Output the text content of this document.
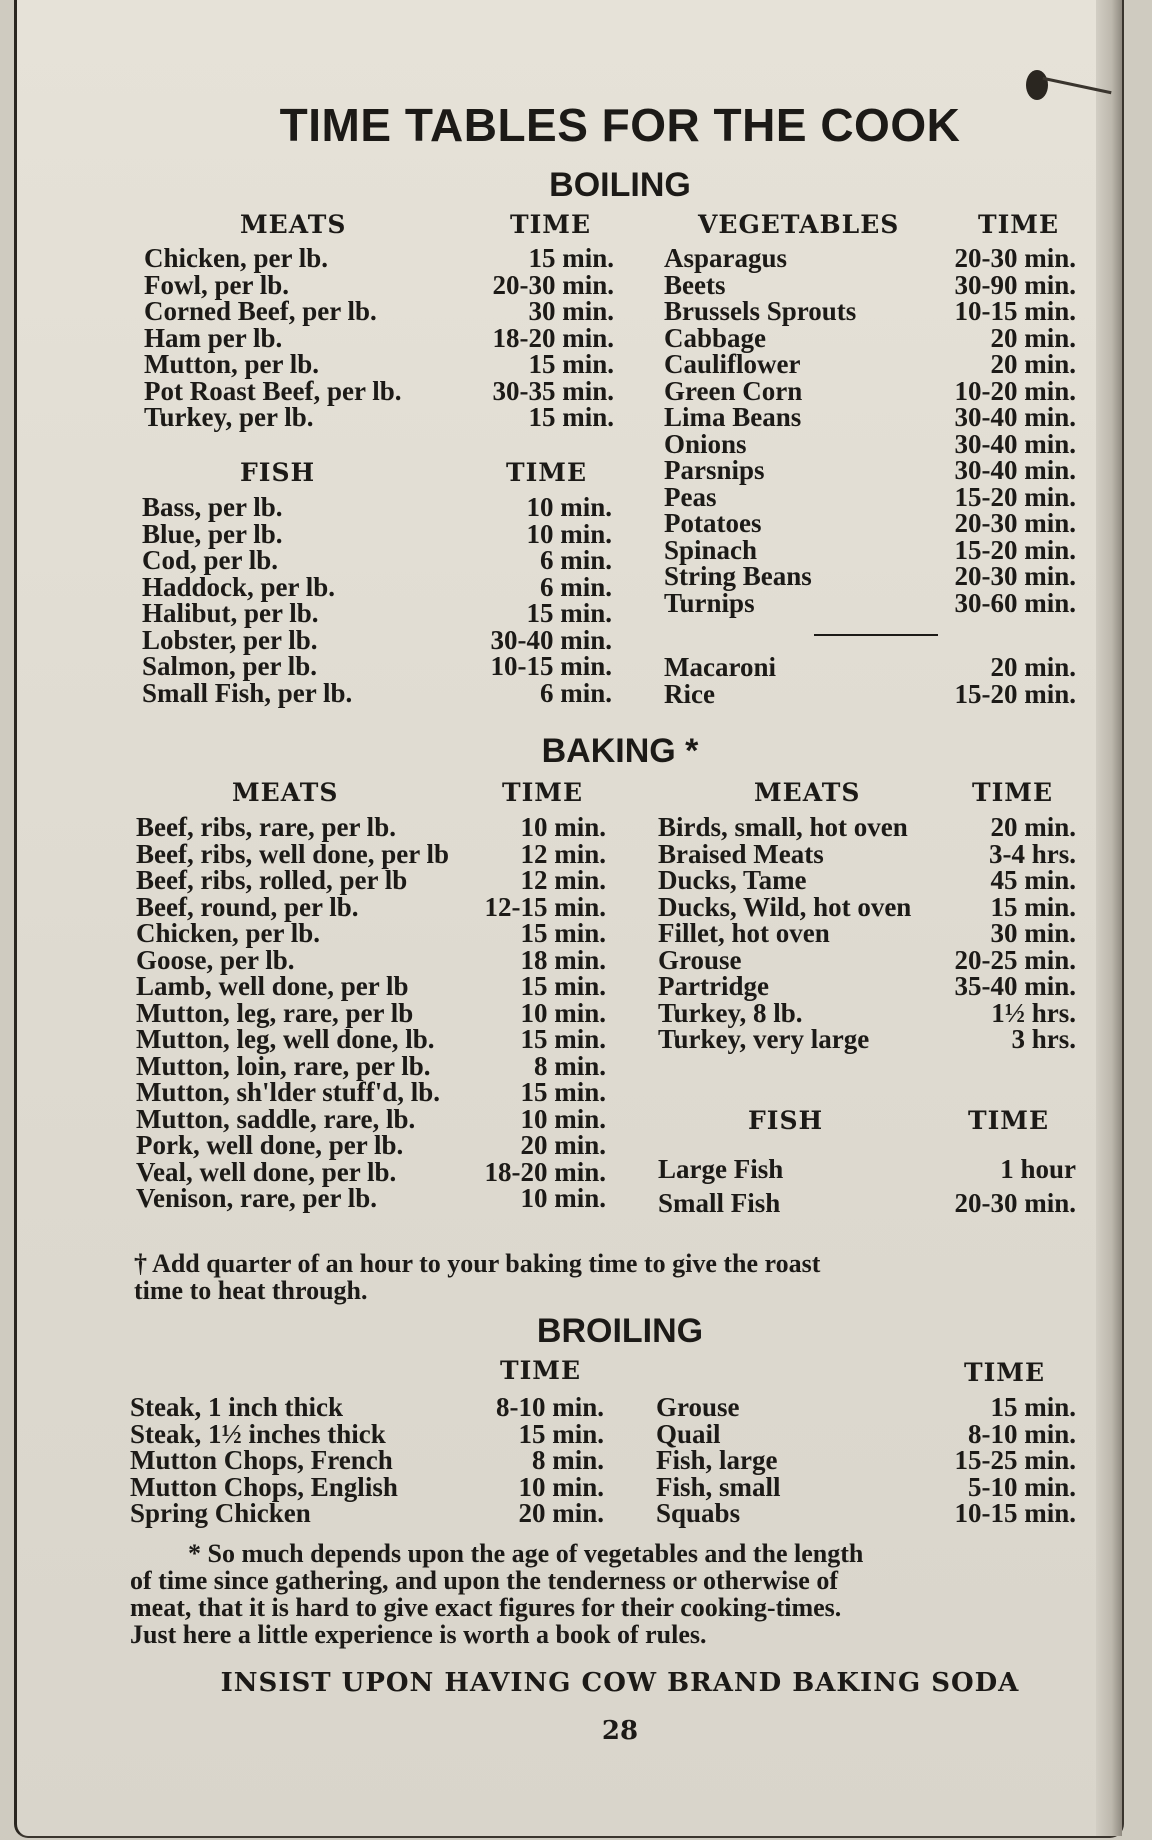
TIME TABLES FOR THE COOK
BOILING
MEATS	TIME
Chicken, per lb.	15 min.
Fowl, per lb.	20-30 min.
Corned Beef, per lb.	30 min.
Ham per lb.	18-20 min.
Mutton, per lb.	15 min.
Pot Roast Beef, per lb.	30-35 min.
Turkey, per lb.	15 min.
FISH	TIME
Bass, per lb.	10 min.
Blue, per lb.	10 min.
Cod, per lb.	6 min.
Haddock, per lb.	6 min.
Halibut, per lb.	15 min.
Lobster, per lb.	30-40 min.
Salmon, per lb.	10-15 min.
Small Fish, per lb.	6 min.
VEGETABLES	TIME
Asparagus	20-30 min.
Beets	30-90 min.
Brussels Sprouts	10-15 min.
Cabbage	20 min.
Cauliflower	20 min.
Green Corn	10-20 min.
Lima Beans	30-40 min.
Onions	30-40 min.
Parsnips	30-40 min.
Peas	15-20 min.
Potatoes	20-30 min.
Spinach	15-20 min.
String Beans	20-30 min.
Turnips	30-60 min.
Macaroni	20 min.
Rice	15-20 min.
BAKING *
MEATS	TIME
Beef, ribs, rare, per lb.	10 min.
Beef, ribs, well done, per lb	12 min.
Beef, ribs, rolled, per lb	12 min.
Beef, round, per lb.	12-15 min.
Chicken, per lb.	15 min.
Goose, per lb.	18 min.
Lamb, well done, per lb	15 min.
Mutton, leg, rare, per lb	10 min.
Mutton, leg, well done, lb.	15 min.
Mutton, loin, rare, per lb.	8 min.
Mutton, sh'lder stuff'd, lb.	15 min.
Mutton, saddle, rare, lb.	10 min.
Pork, well done, per lb.	20 min.
Veal, well done, per lb.	18-20 min.
Venison, rare, per lb.	10 min.
MEATS	TIME
Birds, small, hot oven	20 min.
Braised Meats	3-4 hrs.
Ducks, Tame	45 min.
Ducks, Wild, hot oven	15 min.
Fillet, hot oven	30 min.
Grouse	20-25 min.
Partridge	35-40 min.
Turkey, 8 lb.	1½ hrs.
Turkey, very large	3 hrs.
FISH	TIME
Large Fish	1 hour
Small Fish	20-30 min.
† Add quarter of an hour to your baking time to give the roast
time to heat through.
BROILING
TIME
Steak, 1 inch thick	8-10 min.
Steak, 1½ inches thick	15 min.
Mutton Chops, French	8 min.
Mutton Chops, English	10 min.
Spring Chicken	20 min.
TIME
Grouse	15 min.
Quail	8-10 min.
Fish, large	15-25 min.
Fish, small	5-10 min.
Squabs	10-15 min.
* So much depends upon the age of vegetables and the length
of time since gathering, and upon the tenderness or otherwise of
meat, that it is hard to give exact figures for their cooking-times.
Just here a little experience is worth a book of rules.
INSIST UPON HAVING COW BRAND BAKING SODA
28
